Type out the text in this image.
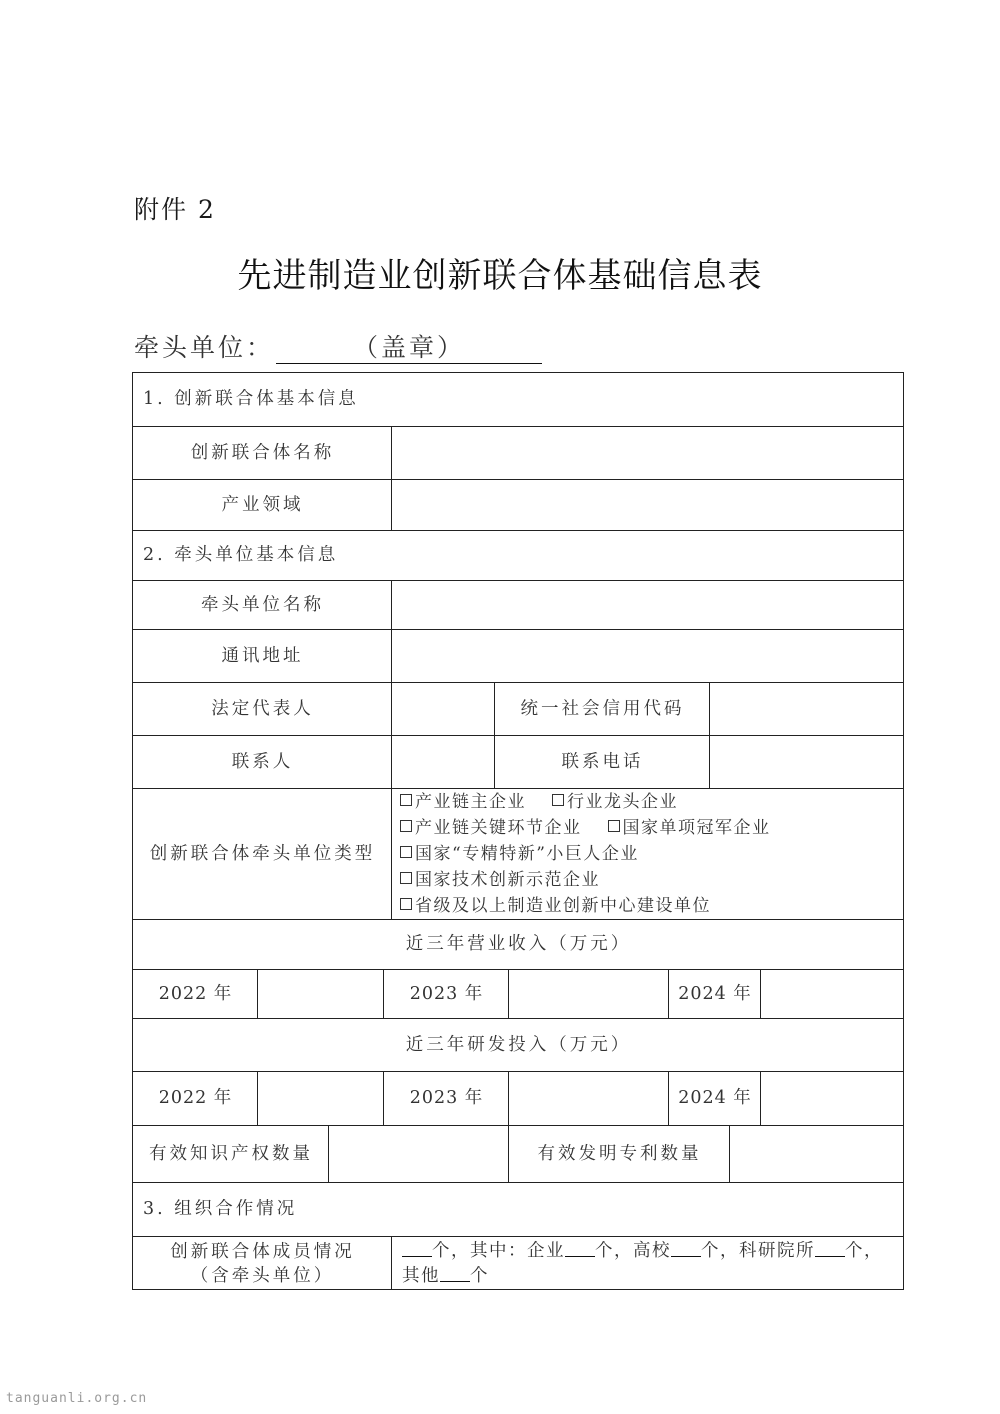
附件 2
先进制造业创新联合体基础信息表
牵头单位：	（盖章）
1. 创新联合体基本信息
创新联合体名称
产业领域
2. 牵头单位基本信息
牵头单位名称
通讯地址
法定代表人	统一社会信用代码
联系人	联系电话
创新联合体牵头单位类型
产业链主企业 行业龙头企业
产业链关键环节企业 国家单项冠军企业
国家“专精特新”小巨人企业
国家技术创新示范企业
省级及以上制造业创新中心建设单位
近三年营业收入（万元）
2022 年	2023 年	2024 年
近三年研发投入（万元）
2022 年	2023 年	2024 年
有效知识产权数量	有效发明专利数量
3. 组织合作情况
创新联合体成员情况
（含牵头单位）
个，其中：企业 个，高校 个，科研院所 个，
其他 个
tanguanli.org.cn
